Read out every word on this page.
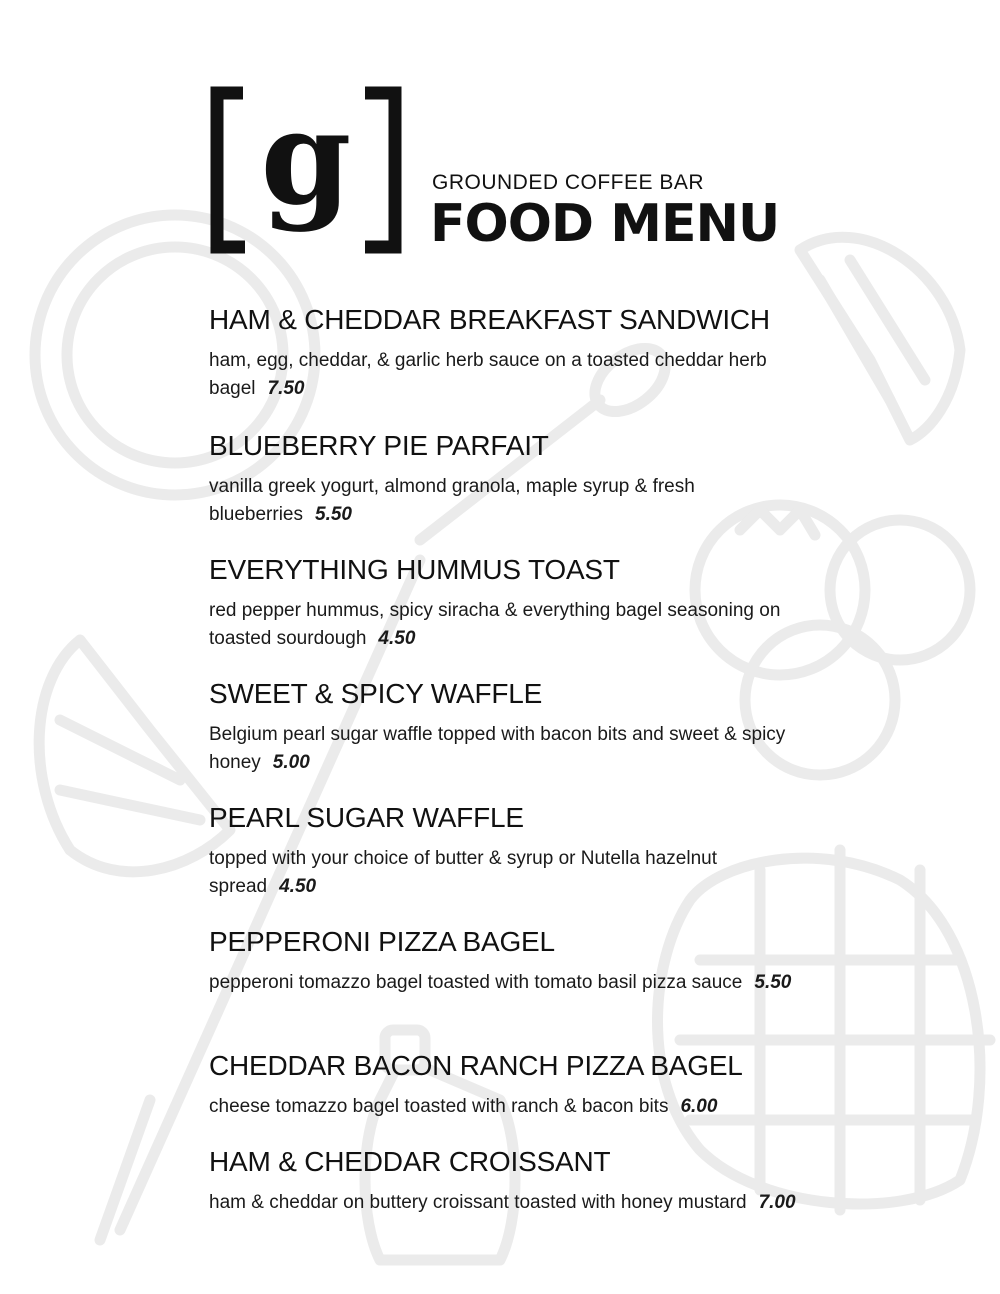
g	GROUNDED COFFEE BAR
FOOD MENU
HAM & CHEDDAR BREAKFAST SANDWICH
ham, egg, cheddar, & garlic herb sauce on a toasted cheddar herb bagel 7.50
BLUEBERRY PIE PARFAIT
vanilla greek yogurt, almond granola, maple syrup & fresh blueberries 5.50
EVERYTHING HUMMUS TOAST
red pepper hummus, spicy siracha & everything bagel seasoning on toasted sourdough 4.50
SWEET & SPICY WAFFLE
Belgium pearl sugar waffle topped with bacon bits and sweet & spicy honey 5.00
PEARL SUGAR WAFFLE
topped with your choice of butter & syrup or Nutella hazelnut spread 4.50
PEPPERONI PIZZA BAGEL
pepperoni tomazzo bagel toasted with tomato basil pizza sauce 5.50
CHEDDAR BACON RANCH PIZZA BAGEL
cheese tomazzo bagel toasted with ranch & bacon bits 6.00
HAM & CHEDDAR CROISSANT
ham & cheddar on buttery croissant toasted with honey mustard 7.00
